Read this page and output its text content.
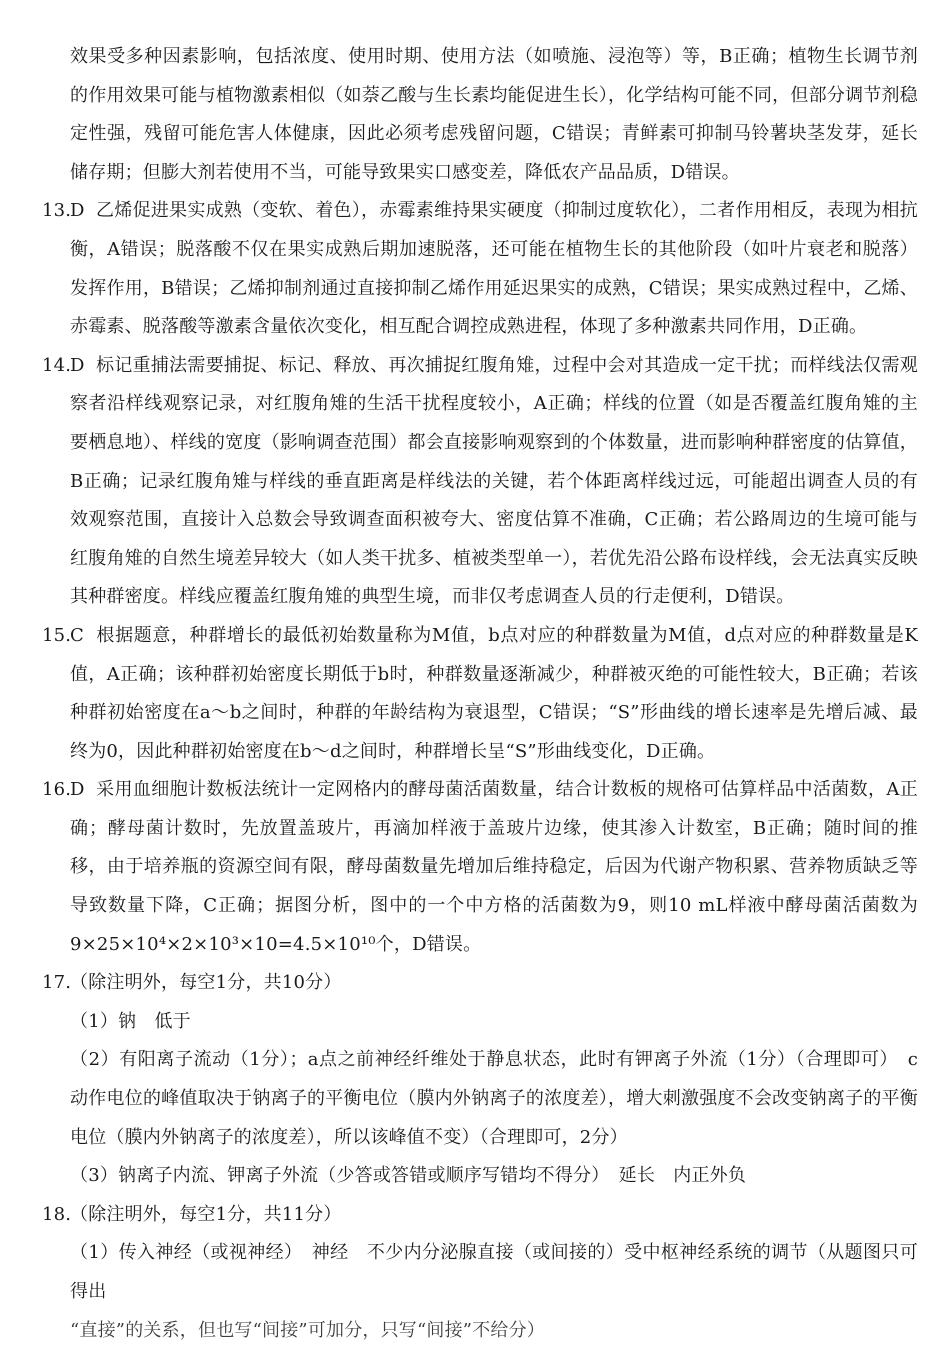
效果受多种因素影响，包括浓度、使用时期、使用方法（如喷施、浸泡等）等，B正确；植物生长调节剂的作用效果可能与植物激素相似（如萘乙酸与生长素均能促进生长），化学结构可能不同，但部分调节剂稳定性强，残留可能危害人体健康，因此必须考虑残留问题，C错误；青鲜素可抑制马铃薯块茎发芽，延长储存期；但膨大剂若使用不当，可能导致果实口感变差，降低农产品品质，D错误。

13.D 乙烯促进果实成熟（变软、着色），赤霉素维持果实硬度（抑制过度软化），二者作用相反，表现为相抗衡，A错误；脱落酸不仅在果实成熟后期加速脱落，还可能在植物生长的其他阶段（如叶片衰老和脱落）发挥作用，B错误；乙烯抑制剂通过直接抑制乙烯作用延迟果实的成熟，C错误；果实成熟过程中，乙烯、赤霉素、脱落酸等激素含量依次变化，相互配合调控成熟进程，体现了多种激素共同作用，D正确。

14.D 标记重捕法需要捕捉、标记、释放、再次捕捉红腹角雉，过程中会对其造成一定干扰；而样线法仅需观察者沿样线观察记录，对红腹角雉的生活干扰程度较小，A正确；样线的位置（如是否覆盖红腹角雉的主要栖息地）、样线的宽度（影响调查范围）都会直接影响观察到的个体数量，进而影响种群密度的估算值，B正确；记录红腹角雉与样线的垂直距离是样线法的关键，若个体距离样线过远，可能超出调查人员的有效观察范围，直接计入总数会导致调查面积被夸大、密度估算不准确，C正确；若公路周边的生境可能与红腹角雉的自然生境差异较大（如人类干扰多、植被类型单一），若优先沿公路布设样线，会无法真实反映其种群密度。样线应覆盖红腹角雉的典型生境，而非仅考虑调查人员的行走便利，D错误。

15.C 根据题意，种群增长的最低初始数量称为M值，b点对应的种群数量为M值，d点对应的种群数量是K值，A正确；该种群初始密度长期低于b时，种群数量逐渐减少，种群被灭绝的可能性较大，B正确；若该种群初始密度在a～b之间时，种群的年龄结构为衰退型，C错误；“S”形曲线的增长速率是先增后减、最终为0，因此种群初始密度在b～d之间时，种群增长呈“S”形曲线变化，D正确。

16.D 采用血细胞计数板法统计一定网格内的酵母菌活菌数量，结合计数板的规格可估算样品中活菌数，A正确；酵母菌计数时，先放置盖玻片，再滴加样液于盖玻片边缘，使其渗入计数室，B正确；随时间的推移，由于培养瓶的资源空间有限，酵母菌数量先增加后维持稳定，后因为代谢产物积累、营养物质缺乏等导致数量下降，C正确；据图分析，图中的一个中方格的活菌数为9，则10 mL样液中酵母菌活菌数为9×25×10⁴×2×10³×10=4.5×10¹⁰个，D错误。

17.（除注明外，每空1分，共10分）

（1）钠　低于

（2）有阳离子流动（1分）；a点之前神经纤维处于静息状态，此时有钾离子外流（1分）（合理即可）　c　动作电位的峰值取决于钠离子的平衡电位（膜内外钠离子的浓度差），增大刺激强度不会改变钠离子的平衡电位（膜内外钠离子的浓度差），所以该峰值不变）（合理即可，2分）

（3）钠离子内流、钾离子外流（少答或答错或顺序写错均不得分）　延长　内正外负

18.（除注明外，每空1分，共11分）

（1）传入神经（或视神经）　神经　不少内分泌腺直接（或间接的）受中枢神经系统的调节（从题图只可得出

“直接”的关系，但也写“间接”可加分，只写“间接”不给分）
